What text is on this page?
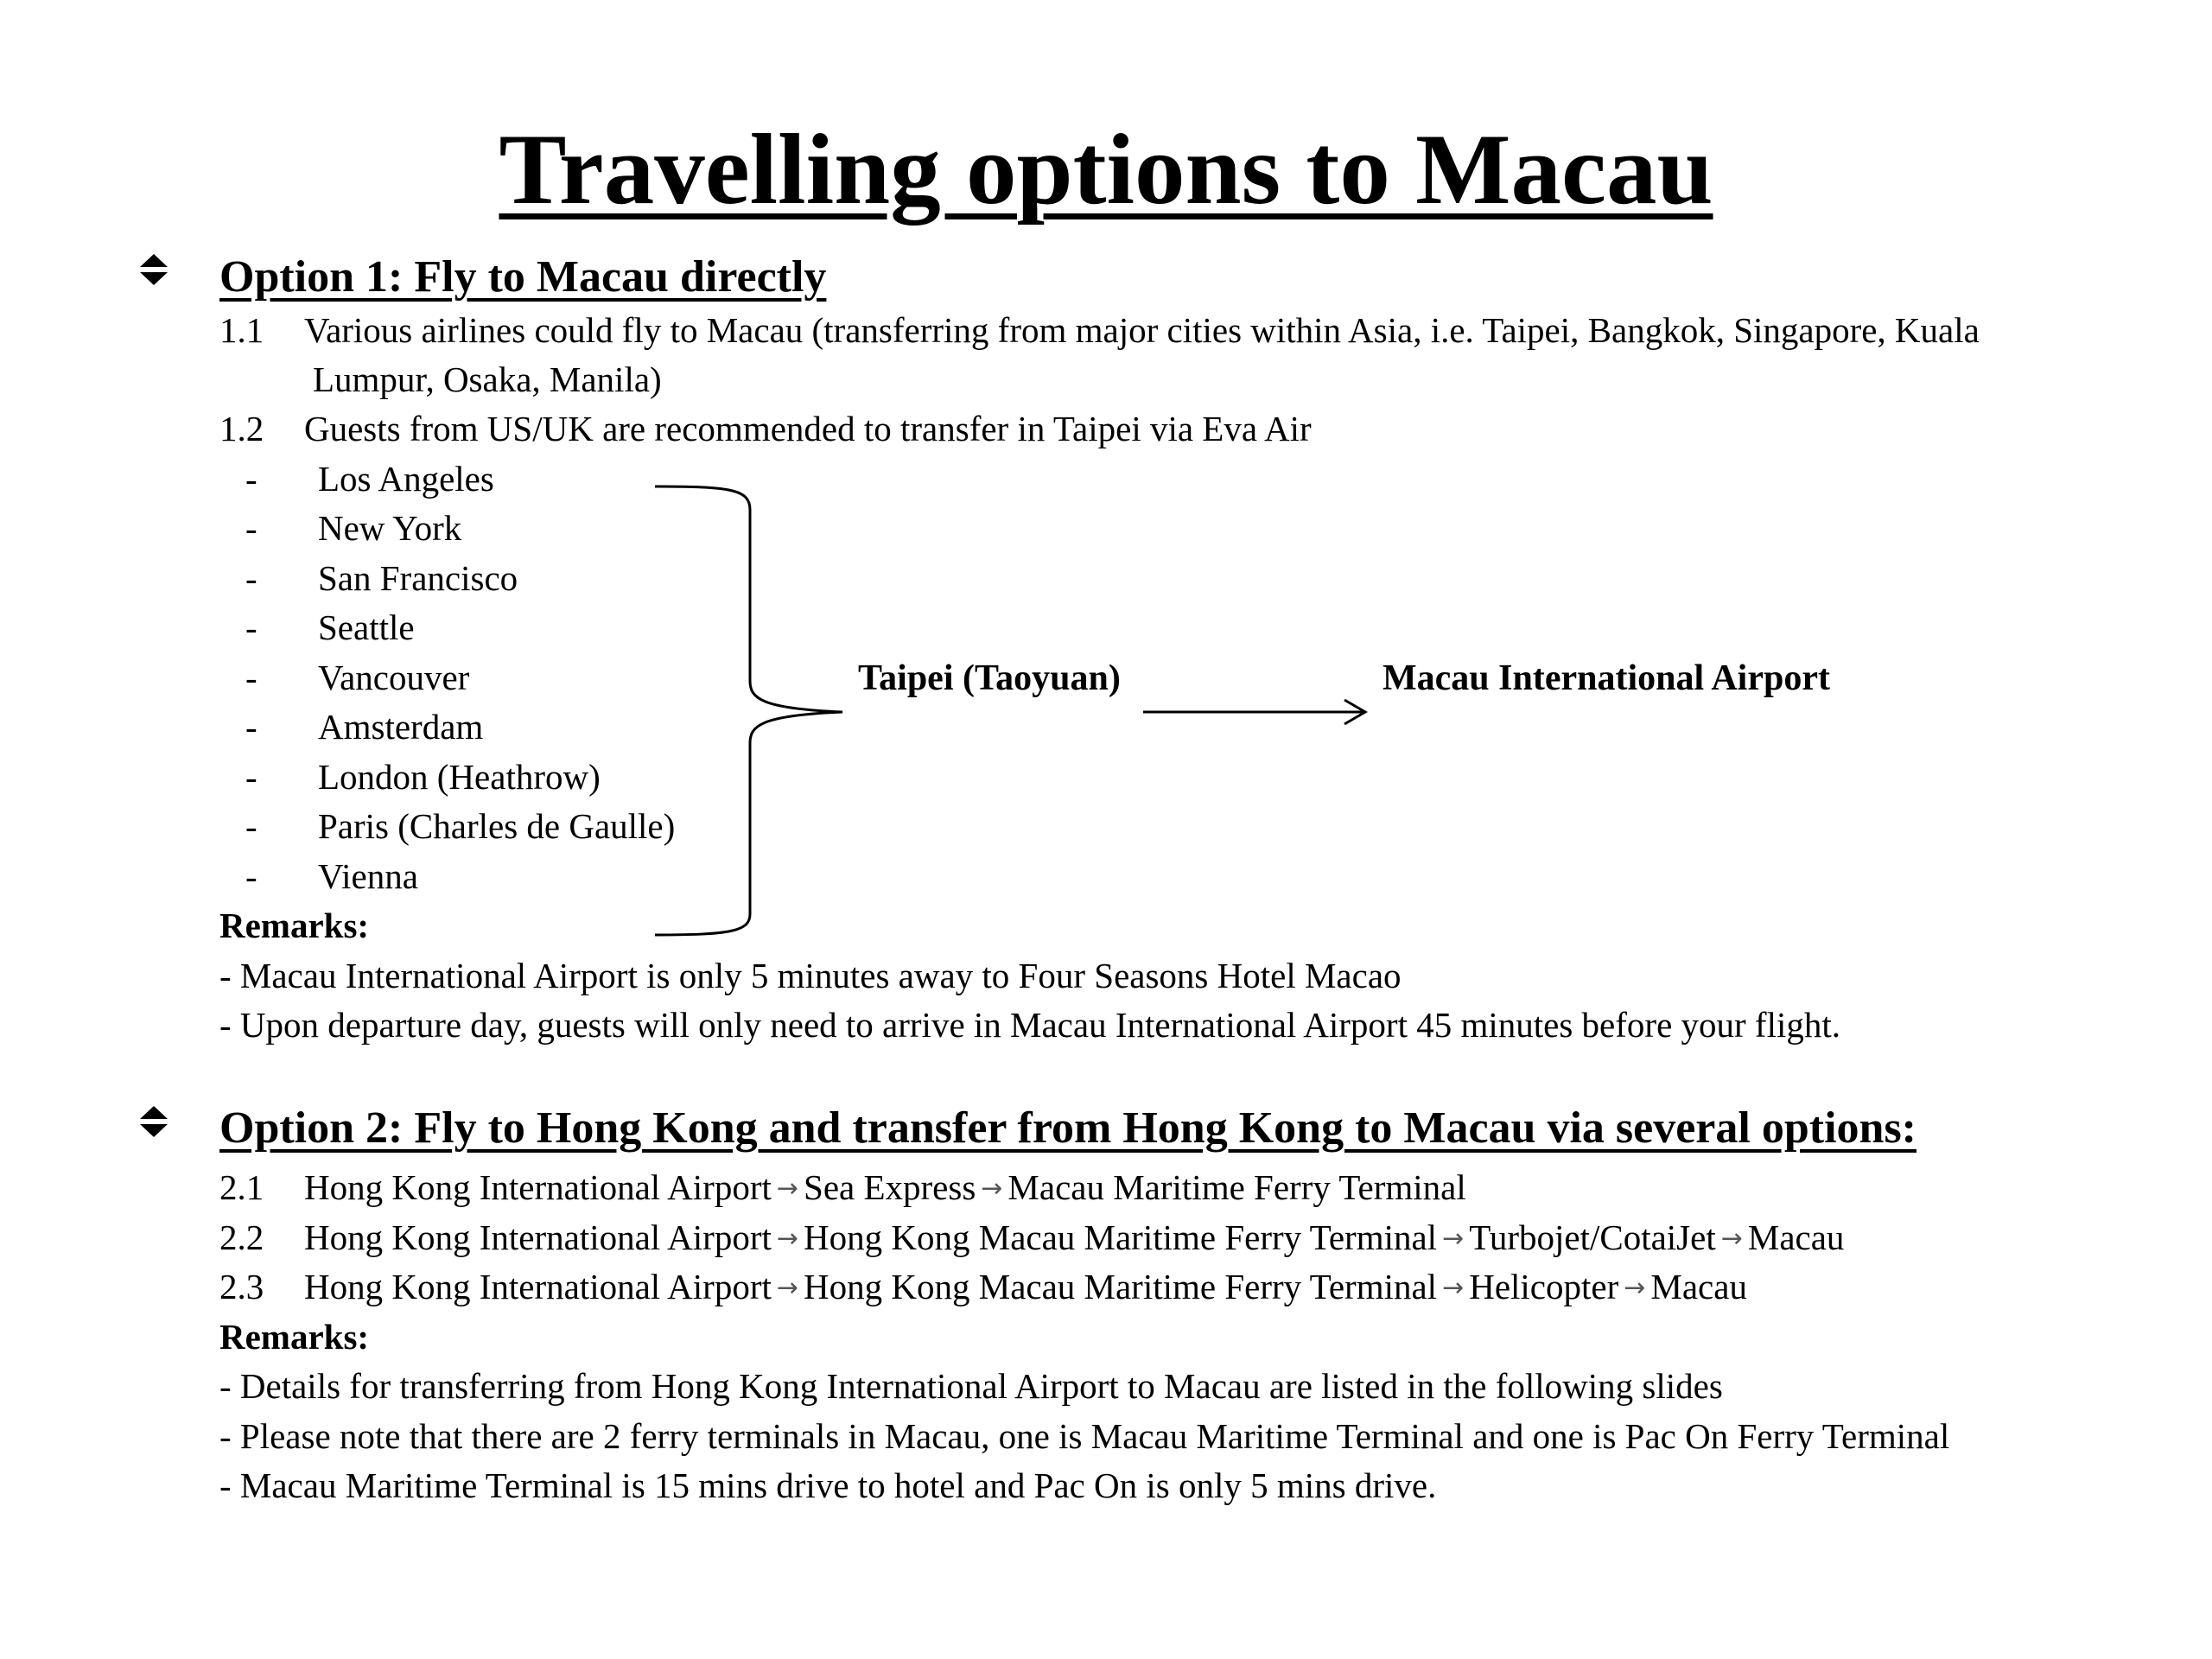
Travelling options to Macau
Option 1: Fly to Macau directly
1.1 Various airlines could fly to Macau (transferring from major cities within Asia, i.e. Taipei, Bangkok, Singapore, Kuala
Lumpur, Osaka, Manila)
1.2 Guests from US/UK are recommended to transfer in Taipei via Eva Air
- Los Angeles
- New York
- San Francisco
- Seattle
- Vancouver
- Amsterdam
- London (Heathrow)
- Paris (Charles de Gaulle)
- Vienna
Taipei (Taoyuan)	Macau International Airport
Remarks:
- Macau International Airport is only 5 minutes away to Four Seasons Hotel Macao
- Upon departure day, guests will only need to arrive in Macau International Airport 45 minutes before your flight.
Option 2: Fly to Hong Kong and transfer from Hong Kong to Macau via several options:
2.1 Hong Kong International Airport → Sea Express → Macau Maritime Ferry Terminal
2.2 Hong Kong International Airport → Hong Kong Macau Maritime Ferry Terminal → Turbojet/CotaiJet → Macau
2.3 Hong Kong International Airport → Hong Kong Macau Maritime Ferry Terminal → Helicopter → Macau
Remarks:
- Details for transferring from Hong Kong International Airport to Macau are listed in the following slides
- Please note that there are 2 ferry terminals in Macau, one is Macau Maritime Terminal and one is Pac On Ferry Terminal
- Macau Maritime Terminal is 15 mins drive to hotel and Pac On is only 5 mins drive.
